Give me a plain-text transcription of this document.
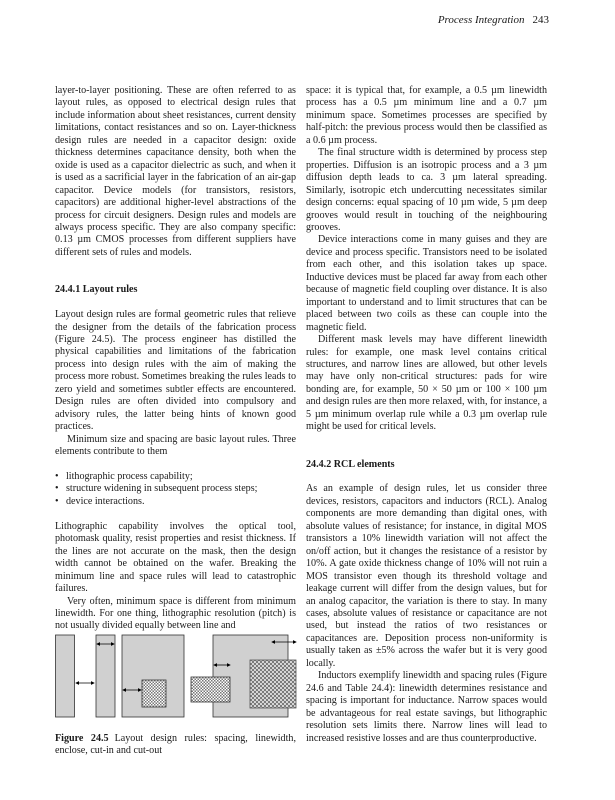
Process Integration 243

layer-to-layer positioning. These are often referred to as layout rules, as opposed to electrical design rules that include information about sheet resistances, current density limitations, contact resistances and so on. Layer-thickness design rules are needed in a capacitor design: oxide thickness determines capacitance density, both when the oxide is used as a capacitor dielectric as such, and when it is used as a sacrificial layer in the fabrication of an air-gap capacitor. Device models (for transistors, resistors, capacitors) are additional higher-level abstractions of the process for circuit designers. Design rules and models are always process specific. They are also company specific: 0.13 µm CMOS processes from different suppliers have different sets of rules and models.

24.4.1 Layout rules

Layout design rules are formal geometric rules that relieve the designer from the details of the fabrication process (Figure 24.5). The process engineer has distilled the physical capabilities and limitations of the fabrication process into design rules with the aim of making the process more robust. Sometimes breaking the rules leads to zero yield and sometimes subtler effects are encountered. Design rules are often divided into compulsory and advisory rules, the latter being hints of known good practices.

Minimum size and spacing are basic layout rules. Three elements contribute to them

• lithographic process capability;
• structure widening in subsequent process steps;
• device interactions.

Lithographic capability involves the optical tool, photomask quality, resist properties and resist thickness. If the lines are not accurate on the mask, then the design width cannot be obtained on the wafer. Breaking the minimum line and space rules will lead to catastrophic failures.

Very often, minimum space is different from minimum linewidth. For one thing, lithographic resolution (pitch) is not usually divided equally between line and

Figure 24.5 Layout design rules: spacing, linewidth, enclose, cut-in and cut-out

space: it is typical that, for example, a 0.5 µm linewidth process has a 0.5 µm minimum line and a 0.7 µm minimum space. Sometimes processes are specified by half-pitch: the previous process would then be classified as a 0.6 µm process.

The final structure width is determined by process step properties. Diffusion is an isotropic process and a 3 µm diffusion depth leads to ca. 3 µm lateral spreading. Similarly, isotropic etch undercutting necessitates similar design concerns: equal spacing of 10 µm wide, 5 µm deep grooves would result in touching of the neighbouring grooves.

Device interactions come in many guises and they are device and process specific. Transistors need to be isolated from each other, and this isolation takes up space. Inductive devices must be placed far away from each other because of magnetic field coupling over distance. It is also important to understand and to limit structures that can be placed between two coils as these can couple into the magnetic field.

Different mask levels may have different linewidth rules: for example, one mask level contains critical structures, and narrow lines are allowed, but other levels may have only non-critical structures: pads for wire bonding are, for example, 50 × 50 µm or 100 × 100 µm and design rules are then more relaxed, with, for instance, a 5 µm minimum overlap rule while a 0.3 µm overlap rule might be used for critical levels.

24.4.2 RCL elements

As an example of design rules, let us consider three devices, resistors, capacitors and inductors (RCL). Analog components are more demanding than digital ones, with absolute values of resistance; for instance, in digital MOS transistors a 10% linewidth variation will not affect the on/off action, but it changes the resistance of a resistor by 10%. A gate oxide thickness change of 10% will not ruin a MOS transistor even though its threshold voltage and leakage current will differ from the design values, but for an analog capacitor, the variation is there to stay. In many cases, absolute values of resistance or capacitance are not used, but instead the ratios of two resistances or capacitances are. Deposition process non-uniformity is usually taken as ±5% across the wafer but it is very good locally.

Inductors exemplify linewidth and spacing rules (Figure 24.6 and Table 24.4): linewidth determines resistance and spacing is important for inductance. Narrow spaces would be advantageous for real estate savings, but lithographic resolution sets limits there. Narrow lines will lead to increased resistive losses and are thus counterproductive.
